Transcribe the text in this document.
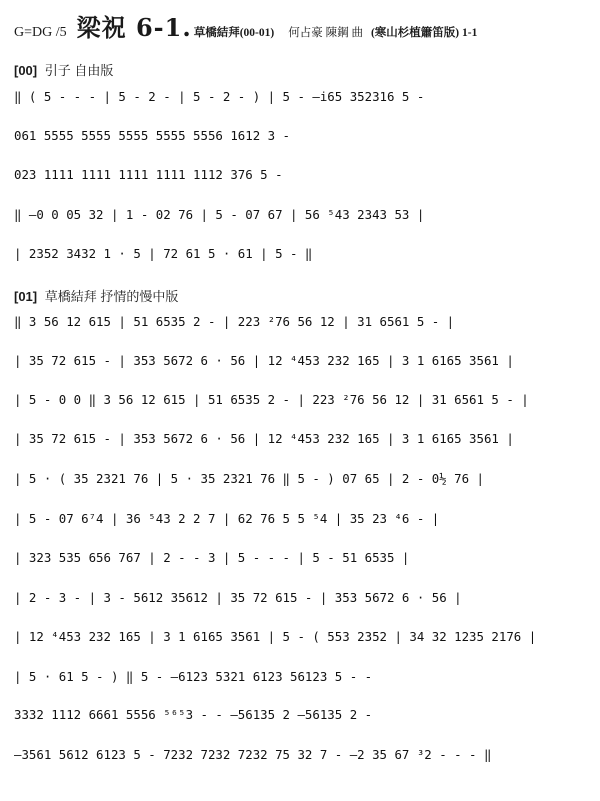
G=DG /5 梁祝 6-1. 草橋結拜(00-01) 何占豪 陳鋼 曲 (寒山杉植簫笛版) 1-1
[00] 引子 自由版
‖ ( 5 - - - | 5 - 2 - | 5 - 2 - ) | 5 - —i65 352316 5 -
061 5555 5555 5555 5555 5556 1612 3 -
023 1111 1111 1111 1111 1112 376 5 -
‖ —0 0 05 32 | 1 - 02 76 | 5 - 07 67 | 56 ⁵43 2343 53 |
| 2352 3432 1 · 5 | 72 61 5 · 61 | 5 - ‖
[01] 草橋結拜 抒情的慢中版
‖ 3 56 12 615 | 51 6535 2 - | 223 ²76 56 12 | 31 6561 5 - |
| 35 72 615 - | 353 5672 6 · 56 | 12 ⁴453 232 165 | 3 1 6165 3561 |
| 5 - 0 0 ‖ 3 56 12 615 | 51 6535 2 - | 223 ²76 56 12 | 31 6561 5 - |
| 35 72 615 - | 353 5672 6 · 56 | 12 ⁴453 232 165 | 3 1 6165 3561 |
| 5 · ( 35 2321 76 | 5 · 35 2321 76 ‖ 5 - ) 07 65 | 2 - 0½ 76 |
| 5 - 07 6⁷4 | 36 ⁵43 2 2 7 | 62 76 5 5 ⁵4 | 35 23 ⁴6 - |
| 323 535 656 767 | 2 - - 3 | 5 - - - | 5 - 51 6535 |
| 2 - 3 - | 3 - 5612 35612 | 35 72 615 - | 353 5672 6 · 56 |
| 12 ⁴453 232 165 | 3 1 6165 3561 | 5 - ( 553 2352 | 34 32 1235 2176 |
| 5 · 61 5 - ) ‖ 5 - —6123 5321 6123 56123 5 - -
3332 1112 6661 5556 ⁵⁶⁵3 - - —56135 2 —56135 2 -
—3561 5612 6123 5 - 7232 7232 7232 75 32 7 - —2 35 67 ³2 - - - ‖
